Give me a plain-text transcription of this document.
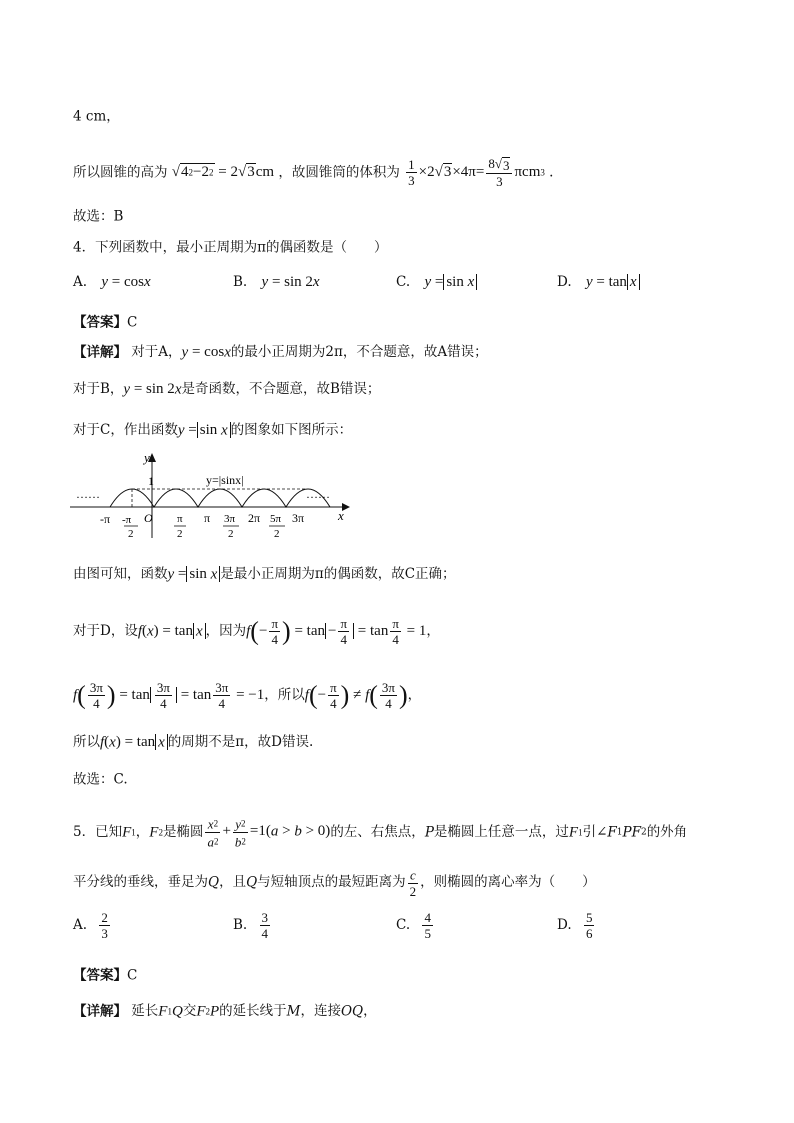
4 cm，
所以圆锥的高为 √42−22 = 2√3cm ，故圆锥筒的体积为 $\frac{1}{3} \times 2√3\times 4\pi= \frac{8√3}{3} \pi cm3$ .
故选：B
4．下列函数中，最小正周期为π的偶函数是（　　）
A. y = cosx	B. y = sin 2x	C. y = sin x	D. y = tan x
【答案】C
【详解】 对于A，y = cosx的最小正周期为2π，不合题意，故A错误；
对于B，y = sin 2x是奇函数，不合题意，故B错误；
对于C，作出函数y = sin x 的图象如下图所示：
y
x
1
……	……
y=|sinx|
-π -π
2
O π
2
π 3π
2
2π 5π
2
3π
由图可知，函数y = sin x 是最小正周期为π的偶函数，故C正确；
对于D，设f(x) = tan x ，因为$f(- \frac{\pi}{4}$ ) = $\tan - \frac{\pi}{4} = \tan \frac{\pi}{4} = 1$，
$f( \frac{3\pi}{4}$ ) = $\tan \frac{3\pi}{4} = \tan \frac{3\pi}{4} = -1$，所以$f(- \frac{\pi}{4}$ ) ≠ $f( \frac{3\pi}{4}$ )，
所以f(x) = tan x 的周期不是π，故D错误.
故选：C.
5．已知F1，F2是椭圆 $\frac{x2}{a2} + \frac{y2}{b2} =1(a > b > 0)$的左、右焦点，P是椭圆上任意一点，过F1引∠F1PF2的外角
平分线的垂线，垂足为Q，且Q与短轴顶点的最短距离为 $\frac{c}{2}$ ，则椭圆的离心率为（　　）
A. $\frac{2}{3}$	B. $\frac{3}{4}$	C. $\frac{4}{5}$	D. $\frac{5}{6}$
【答案】C
【详解】 延长F1Q交F2P的延长线于M，连接OQ，
